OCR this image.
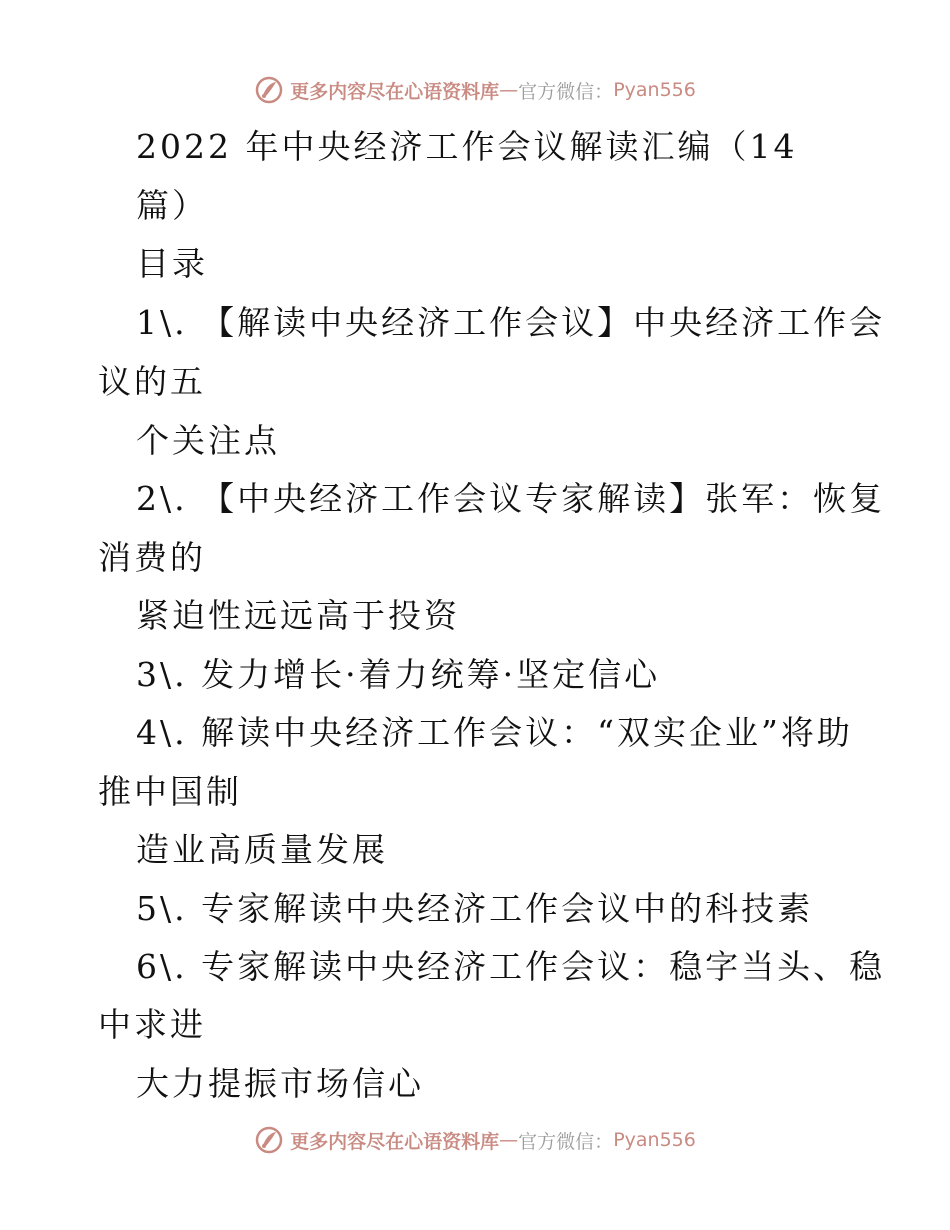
更多内容尽在心语资料库 — 官方微信： Pyan556
2022 年中央经济工作会议解读汇编（14
篇）
目录
1\. 【解读中央经济工作会议】中央经济工作会
议的五
个关注点
2\. 【中央经济工作会议专家解读】张军：恢复
消费的
紧迫性远远高于投资
3\. 发力增长·着力统筹·坚定信心
4\. 解读中央经济工作会议：“双实企业”将助
推中国制
造业高质量发展
5\. 专家解读中央经济工作会议中的科技素
6\. 专家解读中央经济工作会议：稳字当头、稳
中求进
大力提振市场信心
更多内容尽在心语资料库 — 官方微信： Pyan556
